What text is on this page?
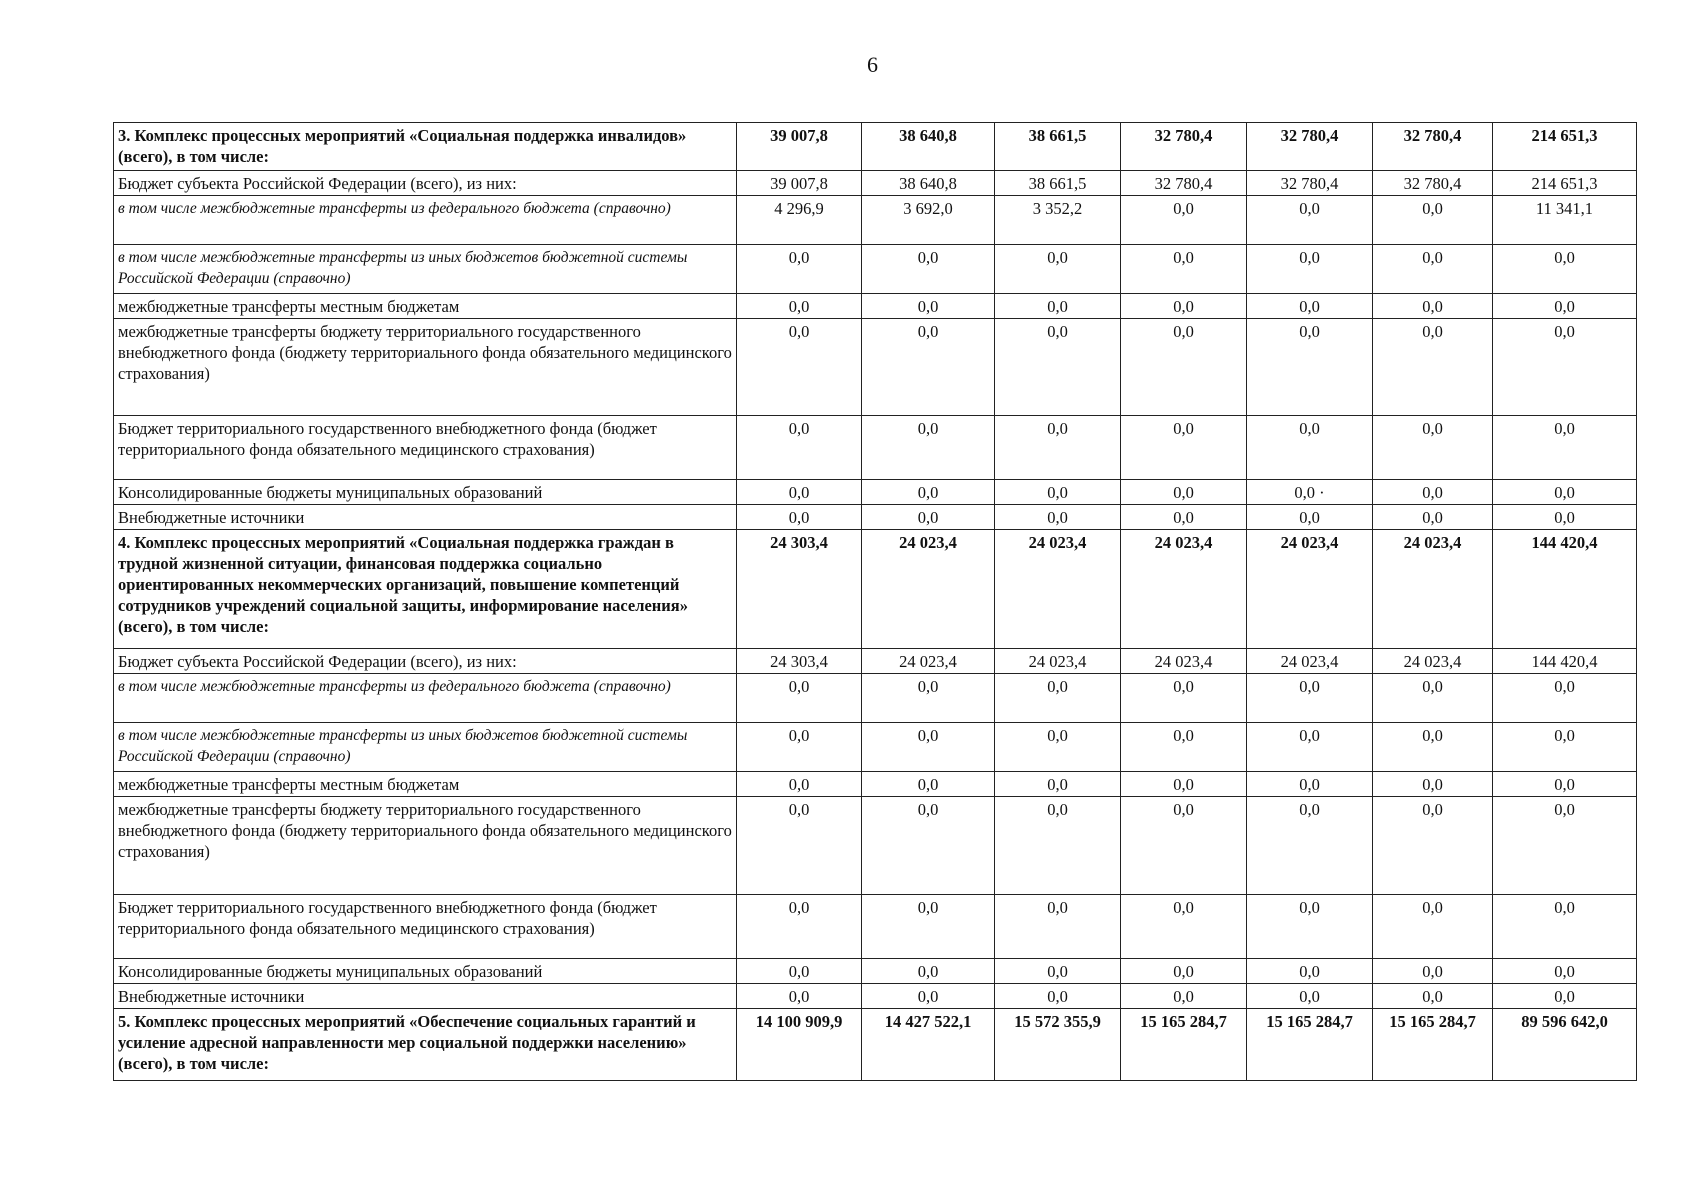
6
3. Комплекс процессных мероприятий «Социальная поддержка инвалидов» (всего), в том числе:	39 007,8	38 640,8	38 661,5	32 780,4	32 780,4	32 780,4	214 651,3
Бюджет субъекта Российской Федерации (всего), из них:	39 007,8	38 640,8	38 661,5	32 780,4	32 780,4	32 780,4	214 651,3
в том числе межбюджетные трансферты из федерального бюджета (справочно)	4 296,9	3 692,0	3 352,2	0,0	0,0	0,0	11 341,1
в том числе межбюджетные трансферты из иных бюджетов бюджетной системы Российской Федерации (справочно)	0,0	0,0	0,0	0,0	0,0	0,0	0,0
межбюджетные трансферты местным бюджетам	0,0	0,0	0,0	0,0	0,0	0,0	0,0
межбюджетные трансферты бюджету территориального государственного внебюджетного фонда (бюджету территориального фонда обязательного медицинского страхования)	0,0	0,0	0,0	0,0	0,0	0,0	0,0
Бюджет территориального государственного внебюджетного фонда (бюджет территориального фонда обязательного медицинского страхования)	0,0	0,0	0,0	0,0	0,0	0,0	0,0
Консолидированные бюджеты муниципальных образований	0,0	0,0	0,0	0,0	0,0 ·	0,0	0,0
Внебюджетные источники	0,0	0,0	0,0	0,0	0,0	0,0	0,0
4. Комплекс процессных мероприятий «Социальная поддержка граждан в трудной жизненной ситуации, финансовая поддержка социально ориентированных некоммерческих организаций, повышение компетенций сотрудников учреждений социальной защиты, информирование населения» (всего), в том числе:	24 303,4	24 023,4	24 023,4	24 023,4	24 023,4	24 023,4	144 420,4
Бюджет субъекта Российской Федерации (всего), из них:	24 303,4	24 023,4	24 023,4	24 023,4	24 023,4	24 023,4	144 420,4
в том числе межбюджетные трансферты из федерального бюджета (справочно)	0,0	0,0	0,0	0,0	0,0	0,0	0,0
в том числе межбюджетные трансферты из иных бюджетов бюджетной системы Российской Федерации (справочно)	0,0	0,0	0,0	0,0	0,0	0,0	0,0
межбюджетные трансферты местным бюджетам	0,0	0,0	0,0	0,0	0,0	0,0	0,0
межбюджетные трансферты бюджету территориального государственного внебюджетного фонда (бюджету территориального фонда обязательного медицинского страхования)	0,0	0,0	0,0	0,0	0,0	0,0	0,0
Бюджет территориального государственного внебюджетного фонда (бюджет территориального фонда обязательного медицинского страхования)	0,0	0,0	0,0	0,0	0,0	0,0	0,0
Консолидированные бюджеты муниципальных образований	0,0	0,0	0,0	0,0	0,0	0,0	0,0
Внебюджетные источники	0,0	0,0	0,0	0,0	0,0	0,0	0,0
5. Комплекс процессных мероприятий «Обеспечение социальных гарантий и усиление адресной направленности мер социальной поддержки населению» (всего), в том числе:	14 100 909,9	14 427 522,1	15 572 355,9	15 165 284,7	15 165 284,7	15 165 284,7	89 596 642,0
